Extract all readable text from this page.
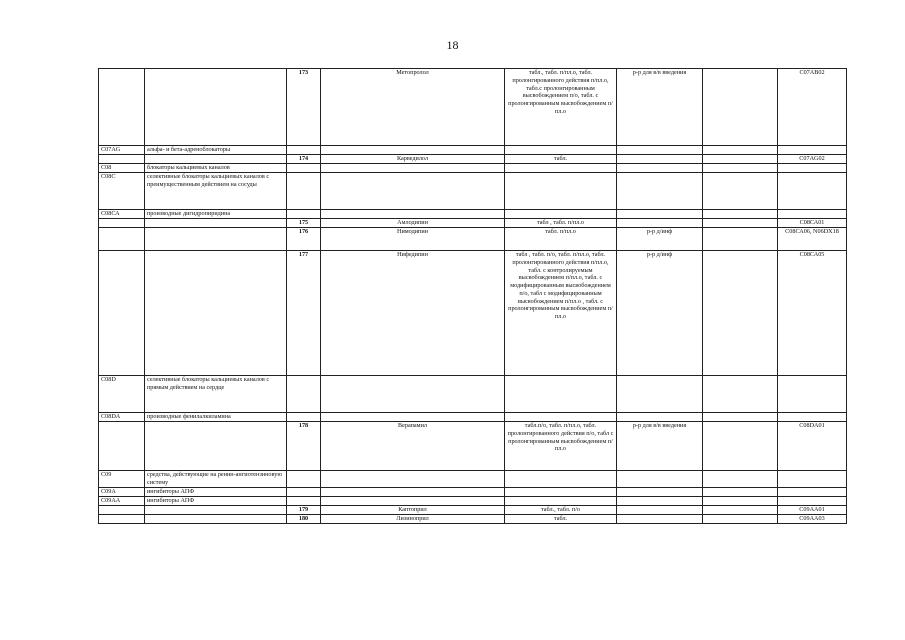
18
		173	Метопролол	табл., табл. п/пл.о, табл. пролонгированного действия п/пл.о, табл.с пролонгированным высвобождением п/о, табл. с пролонгированным высвобождением п/пл.о	р-р для в/в введения		С07АВ02
С07AG	альфа- и бета-адреноблокаторы						
		174	Карведилол	табл.			С07AG02
С08	блокаторы кальциевых каналов						
С08С	селективные блокаторы кальциевых каналов с преимущественным действием на сосуды						
С08СА	производные дигидропиридина						
		175	Амлодипин	табл , табл. п/пл.о			С08СА01
		176	Нимодипин	табл. п/пл.о	р-р д/инф		С08СА06, N06DX18
		177	Нифедипин	табл , табл. п/о, табл. п/пл.о, табл. пролонгированного действия п/пл.о, табл. с контролируемым высвобождением п/пл.о, табл. с модифицированным высвобождением п/о, табл с модифицированным высвобождением п/пл.о , табл. с пролонгированным высвобождением п/пл.о	р-р д/инф		С08СА05
С08D	селективные блокаторы кальциевых каналов с прямым действием на сердце						
С08DA	производные фенилалкиламина						
		178	Верапамил	табл.п/о, табл. п/пл.о, табл. пролонгированного действия п/о, табл с пролонгированным высвобождением п/пл.о	р-р для в/в введения		С08DA01
С09	средства, действующие на ренин-ангиотензиновую систему						
С09А	ингибиторы АПФ						
С09АА	ингибиторы АПФ						
		179	Каптоприл	табл., табл. п/о			С09АА01
		180	Лизиноприл	табл.			С09АА03
